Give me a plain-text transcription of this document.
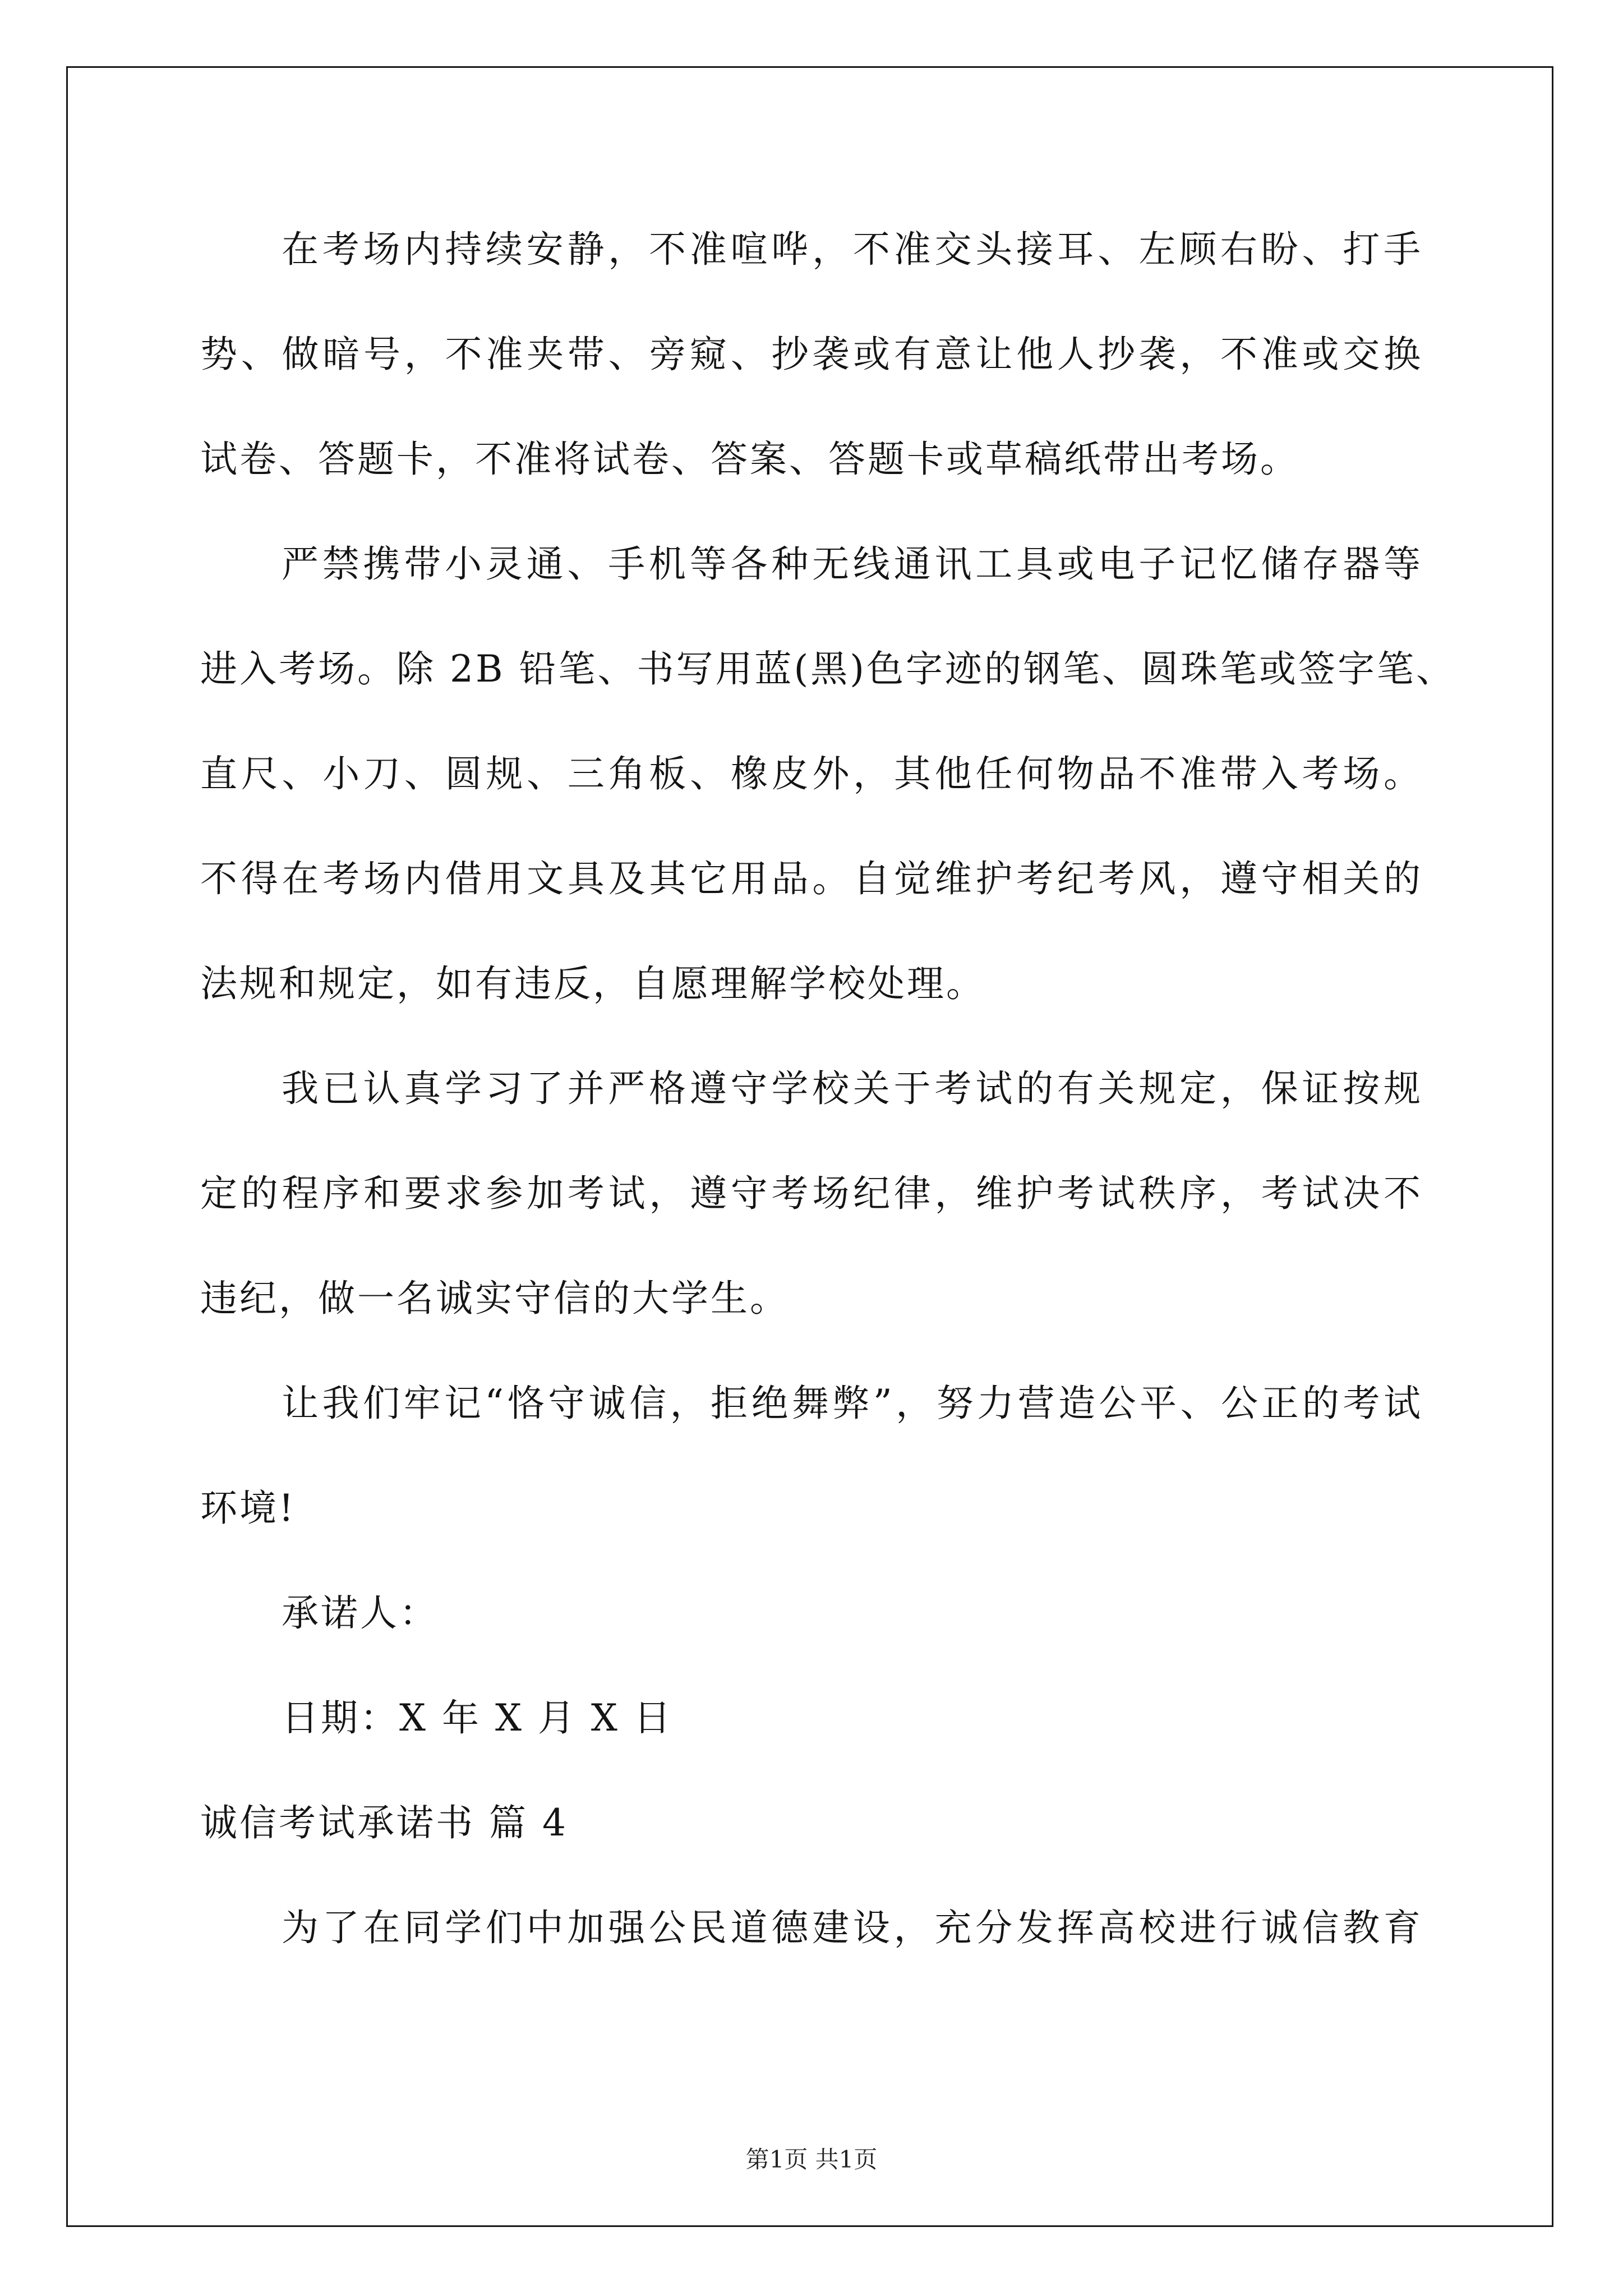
在考场内持续安静，不准喧哗，不准交头接耳、左顾右盼、打手
势、做暗号，不准夹带、旁窥、抄袭或有意让他人抄袭，不准或交换
试卷、答题卡，不准将试卷、答案、答题卡或草稿纸带出考场。
严禁携带小灵通、手机等各种无线通讯工具或电子记忆储存器等
进入考场。除 2B 铅笔、书写用蓝(黑)色字迹的钢笔、圆珠笔或签字笔、
直尺、小刀、圆规、三角板、橡皮外，其他任何物品不准带入考场。
不得在考场内借用文具及其它用品。自觉维护考纪考风，遵守相关的
法规和规定，如有违反，自愿理解学校处理。
我已认真学习了并严格遵守学校关于考试的有关规定，保证按规
定的程序和要求参加考试，遵守考场纪律，维护考试秩序，考试决不
违纪，做一名诚实守信的大学生。
让我们牢记“恪守诚信，拒绝舞弊”，努力营造公平、公正的考试
环境!
承诺人：
日期：X 年 X 月 X 日
诚信考试承诺书 篇 4
为了在同学们中加强公民道德建设，充分发挥高校进行诚信教育
第1页 共1页
